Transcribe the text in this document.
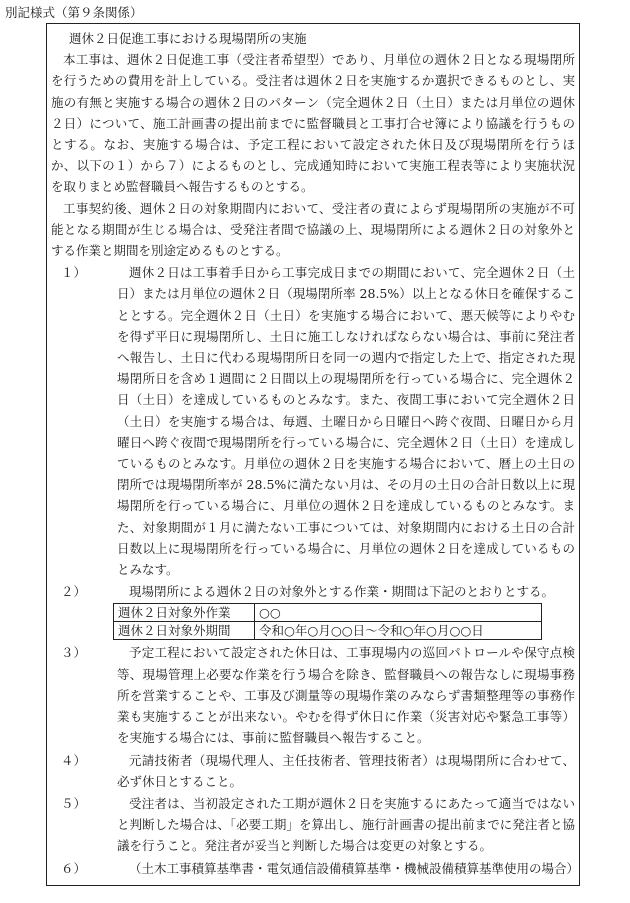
別記様式（第９条関係）
週休２日促進工事における現場閉所の実施
本工事は、週休２日促進工事（受注者希望型）であり、月単位の週休２日となる現場閉所を行うための費用を計上している。受注者は週休２日を実施するか選択できるものとし、実施の有無と実施する場合の週休２日のパターン（完全週休２日（土日）または月単位の週休２日）について、施工計画書の提出前までに監督職員と工事打合せ簿により協議を行うものとする。なお、実施する場合は、予定工程において設定された休日及び現場閉所を行うほか、以下の１）から７）によるものとし、完成通知時において実施工程表等により実施状況を取りまとめ監督職員へ報告するものとする。
工事契約後、週休２日の対象期間内において、受注者の責によらず現場閉所の実施が不可能となる期間が生じる場合は、受発注者間で協議の上、現場閉所による週休２日の対象外とする作業と期間を別途定めるものとする。
１）	週休２日は工事着手日から工事完成日までの期間において、完全週休２日（土日）または月単位の週休２日（現場閉所率 28.5%）以上となる休日を確保することとする。完全週休２日（土日）を実施する場合において、悪天候等によりやむを得ず平日に現場閉所し、土日に施工しなければならない場合は、事前に発注者へ報告し、土日に代わる現場閉所日を同一の週内で指定した上で、指定された現場閉所日を含め１週間に２日間以上の現場閉所を行っている場合に、完全週休２日（土日）を達成しているものとみなす。また、夜間工事において完全週休２日（土日）を実施する場合は、毎週、土曜日から日曜日へ跨ぐ夜間、日曜日から月曜日へ跨ぐ夜間で現場閉所を行っている場合に、完全週休２日（土日）を達成しているものとみなす。月単位の週休２日を実施する場合において、暦上の土日の閉所では現場閉所率が 28.5%に満たない月は、その月の土日の合計日数以上に現場閉所を行っている場合に、月単位の週休２日を達成しているものとみなす。また、対象期間が１月に満たない工事については、対象期間内における土日の合計日数以上に現場閉所を行っている場合に、月単位の週休２日を達成しているものとみなす。
２）	現場閉所による週休２日の対象外とする作業・期間は下記のとおりとする。
週休２日対象外作業	○○
週休２日対象外期間	令和○年○月○○日～令和○年○月○○日
３）	予定工程において設定された休日は、工事現場内の巡回パトロールや保守点検等、現場管理上必要な作業を行う場合を除き、監督職員への報告なしに現場事務所を営業することや、工事及び測量等の現場作業のみならず書類整理等の事務作業も実施することが出来ない。やむを得ず休日に作業（災害対応や緊急工事等）を実施する場合には、事前に監督職員へ報告すること。
４）	元請技術者（現場代理人、主任技術者、管理技術者）は現場閉所に合わせて、必ず休日とすること。
５）	受注者は、当初設定された工期が週休２日を実施するにあたって適当ではないと判断した場合は、「必要工期」を算出し、施行計画書の提出前までに発注者と協議を行うこと。発注者が妥当と判断した場合は変更の対象とする。
６）	（土木工事積算基準書・電気通信設備積算基準・機械設備積算基準使用の場合）
